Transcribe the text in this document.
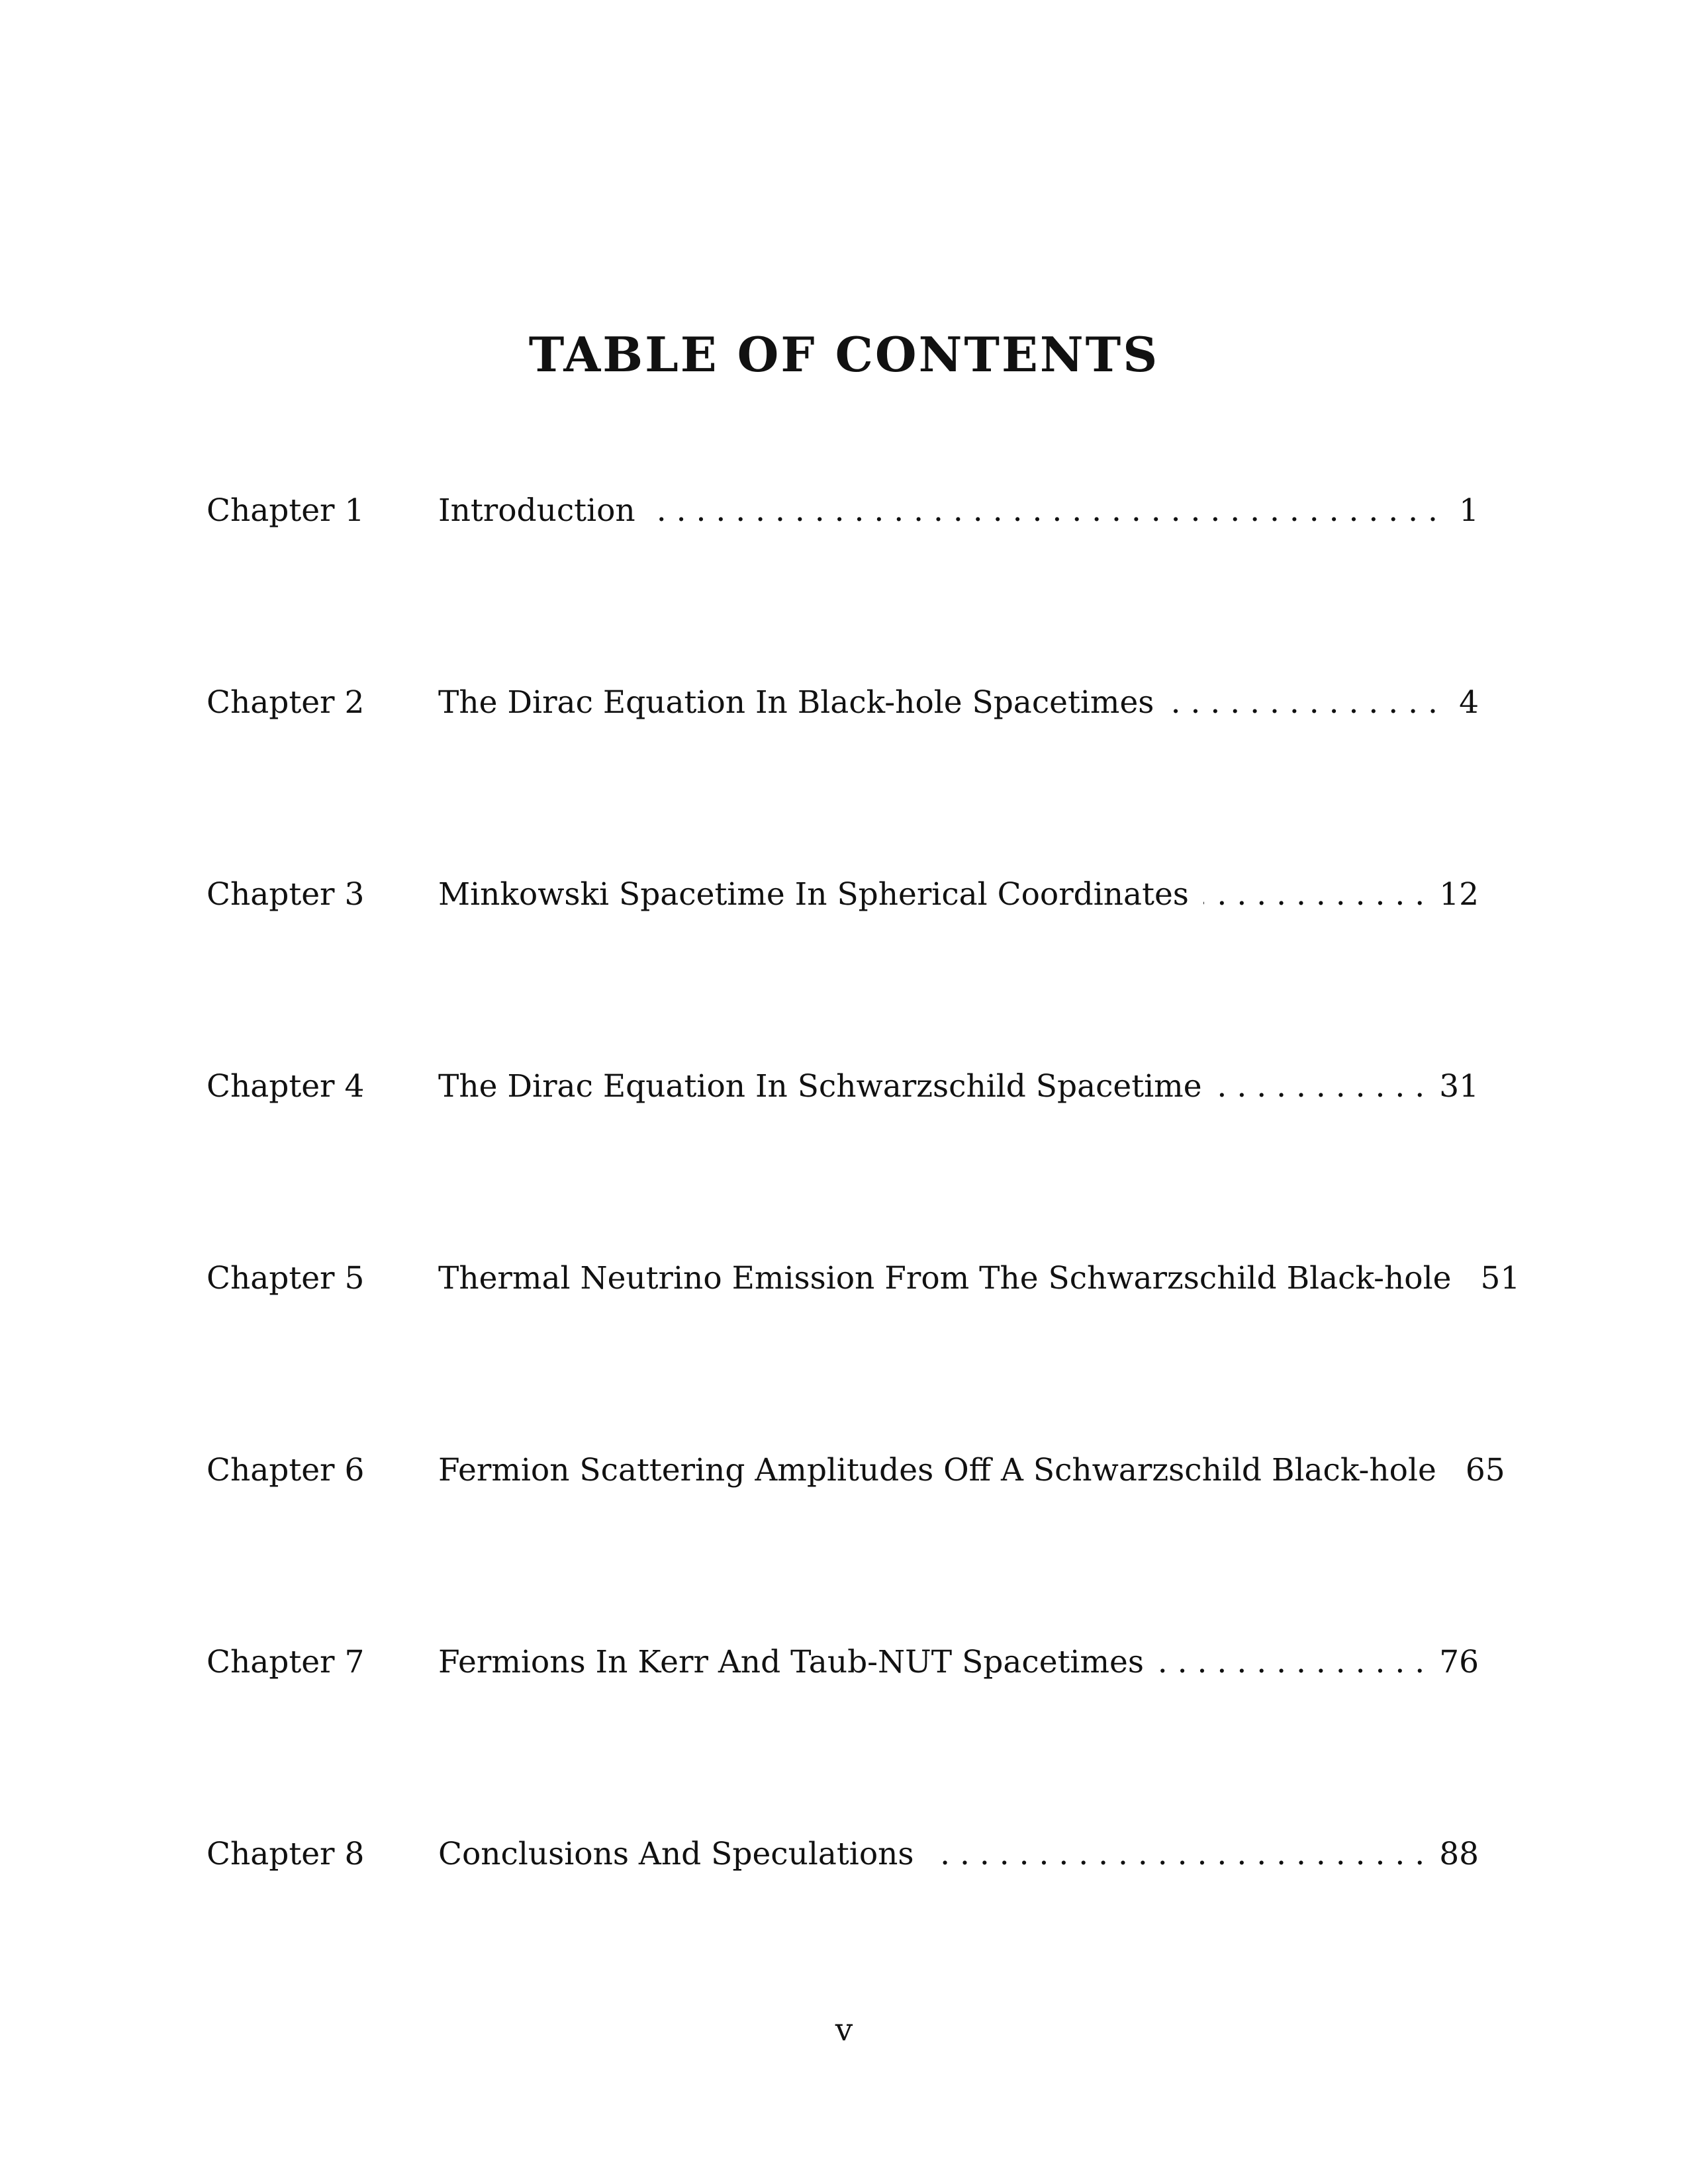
TABLE OF CONTENTS
Chapter 1	Introduction . . .	1
Chapter 2	The Dirac Equation In Black-hole Spacetimes . . .	4
Chapter 3	Minkowski Spacetime In Spherical Coordinates . . .	12
Chapter 4	The Dirac Equation In Schwarzschild Spacetime . . .	31
Chapter 5	Thermal Neutrino Emission From The Schwarzschild Black-hole 51
Chapter 6	Fermion Scattering Amplitudes Off A Schwarzschild Black-hole 65
Chapter 7	Fermions In Kerr And Taub-NUT Spacetimes . . .	76
Chapter 8	Conclusions And Speculations . . .	88
v
